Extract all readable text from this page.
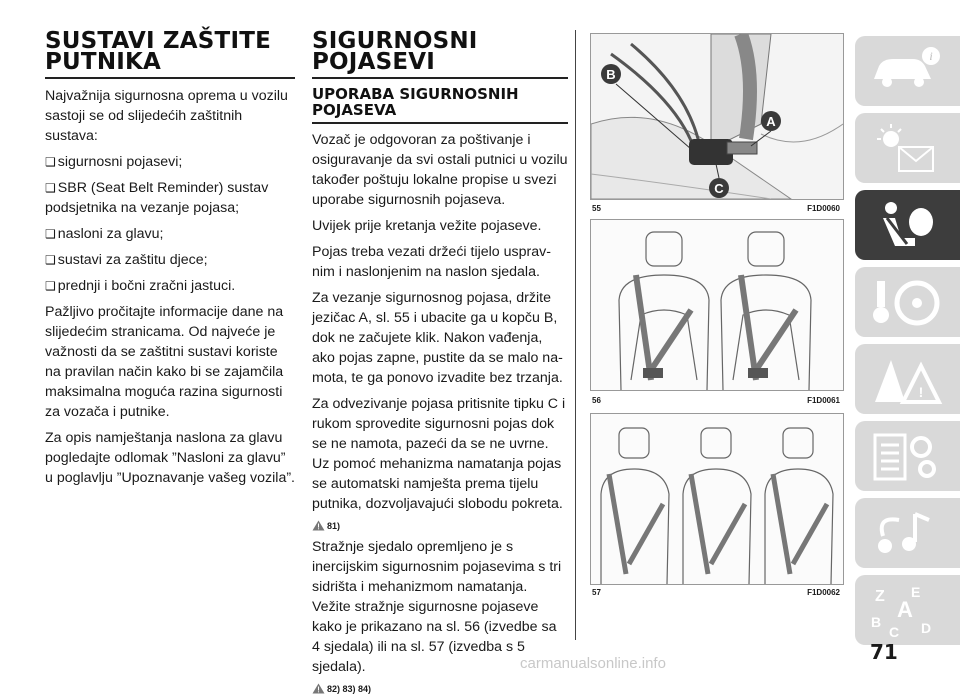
SUSTAVI ZAŠTITE
PUTNIKA

Najvažnija sigurnosna oprema u vozilu sastoji se od slijedećih zaštitnih sustava:

❑ sigurnosni pojasevi;

❑ SBR (Seat Belt Reminder) sustav podsjetnika na vezanje pojasa;

❑ nasloni za glavu;

❑ sustavi za zaštitu djece;

❑ prednji i bočni zračni jastuci.

Pažljivo pročitajte informacije dane na slijedećim stranicama. Od najveće je važnosti da se zaštitni sustavi koriste na pravilan način kako bi se zajamčila maksimalna moguća razina sigurnosti za vozača i putnike.

Za opis namještanja naslona za glavu pogledajte odlomak ”Nasloni za glavu” u poglavlju ”Upoznavanje vašeg vozila”.

SIGURNOSNI
POJASEVI
UPORABA SIGURNOSNIH
POJASEVA

Vozač je odgovoran za poštivanje i osiguravanje da svi ostali putnici u vozilu također poštuju lokalne propise u svezi uporabe sigurnosnih pojaseva.

Uvijek prije kretanja vežite pojaseve.

Pojas treba vezati držeći tijelo usprav-nim i naslonjenim na naslon sjedala.

Za vezanje sigurnosnog pojasa, držite jezičac A, sl. 55 i ubacite ga u kopču B, dok ne začujete klik. Nakon vađenja, ako pojas zapne, pustite da se malo na-mota, te ga ponovo izvadite bez trzanja.

Za odvezivanje pojasa pritisnite tipku C i rukom sprovedite sigurnosni pojas dok se ne namota, pazeći da se ne uvrne. Uz pomoć mehanizma namatanja pojas se automatski namješta prema tijelu putnika, dozvoljavajući slobodu pokreta.

81)

Stražnje sjedalo opremljeno je s inercijskim sigurnosnim pojasevima s tri sidrišta i mehanizmom namatanja. Vežite stražnje sigurnosne pojaseve kako je prikazano na sl. 56 (izvedbe sa 4 sjedala) ili na sl. 57 (izvedba s 5 sjedala).

82) 83) 84)
B
A
C
55	F1D0060
56	F1D0061
57	F1D0062
i
!
Z E
A
B
C D
71
carmanualsonline.info
